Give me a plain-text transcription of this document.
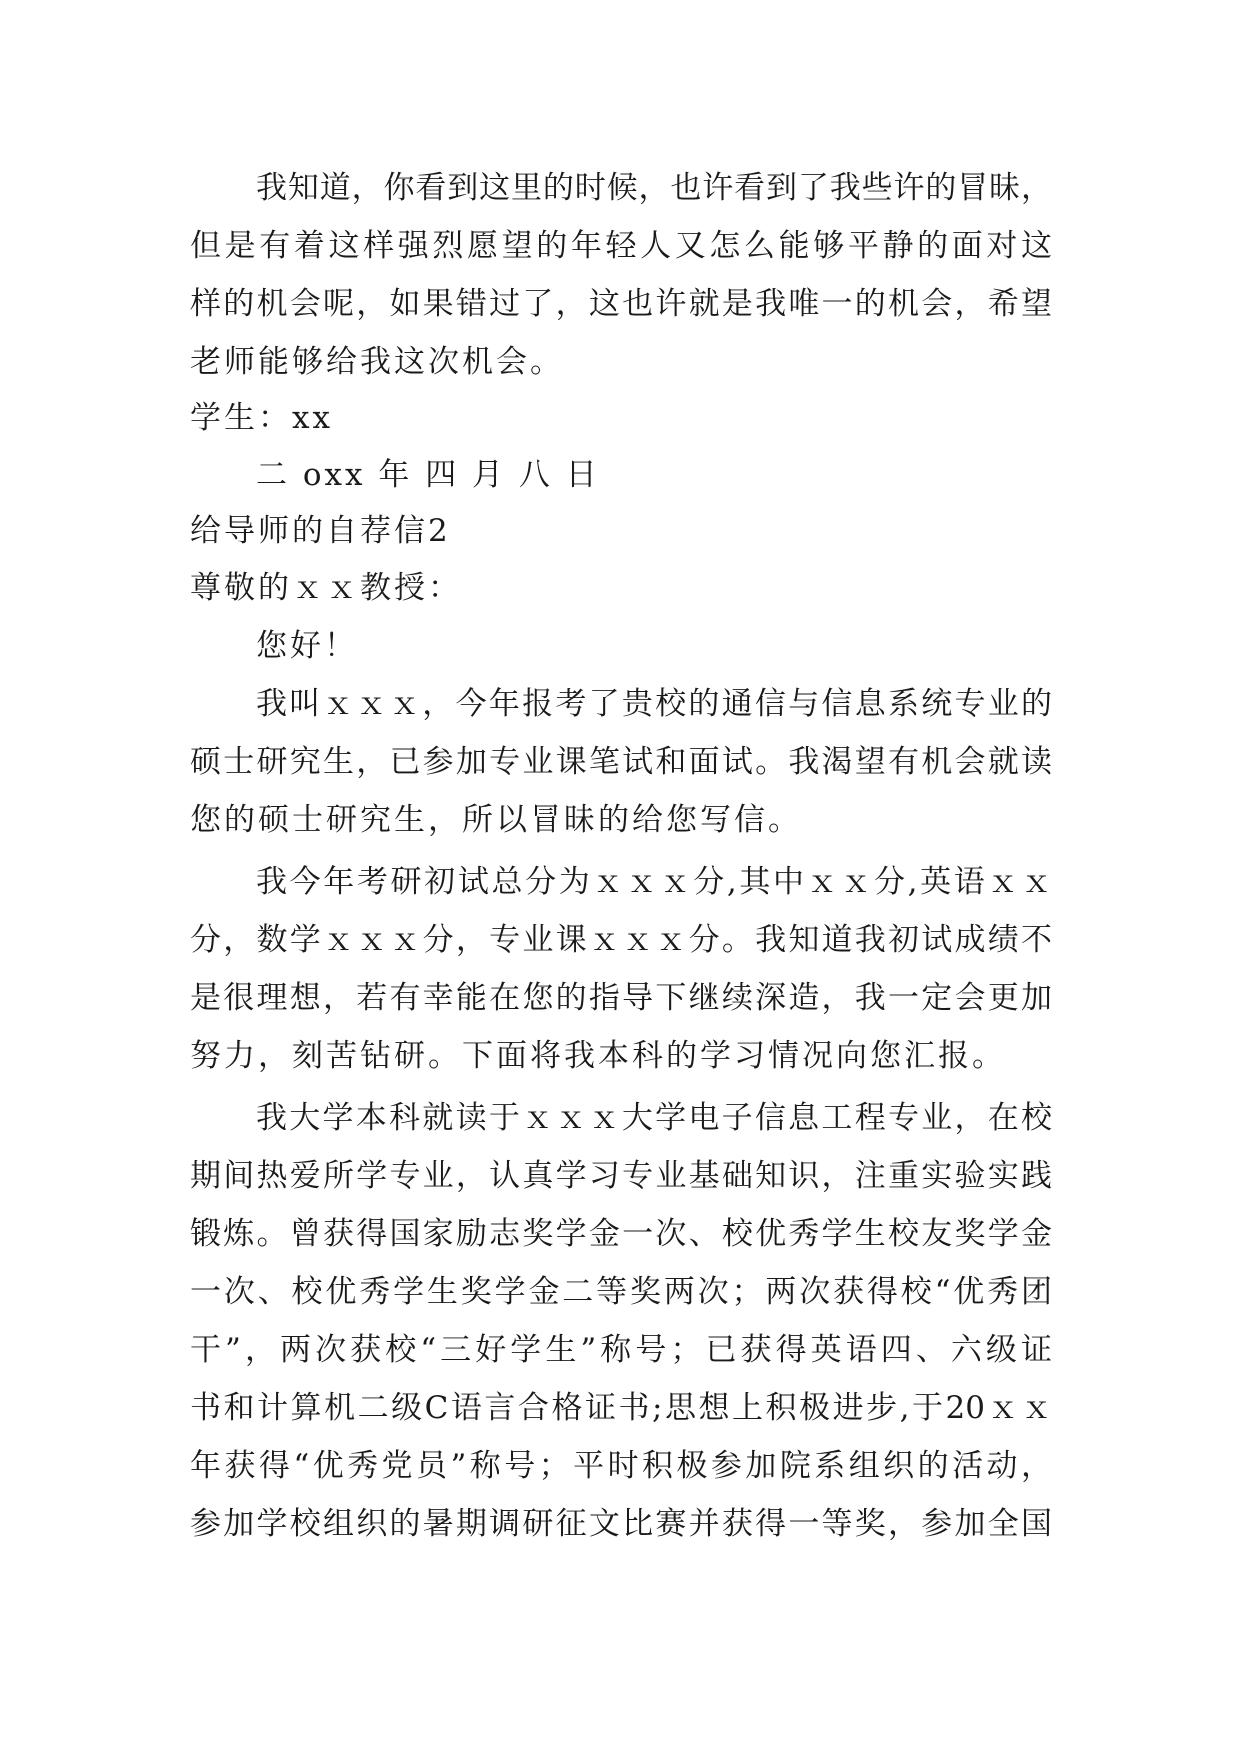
我知道，你看到这里的时候，也许看到了我些许的冒昧，
但是有着这样强烈愿望的年轻人又怎么能够平静的面对这
样的机会呢，如果错过了，这也许就是我唯一的机会，希望
老师能够给我这次机会。
学生：xx
二 oxx 年 四 月 八 日
给导师的自荐信2
尊敬的ｘｘ教授：
您好！
我叫ｘｘｘ，今年报考了贵校的通信与信息系统专业的
硕士研究生，已参加专业课笔试和面试。我渴望有机会就读
您的硕士研究生，所以冒昧的给您写信。
我今年考研初试总分为ｘｘｘ分,其中ｘｘ分,英语ｘｘ
分，数学ｘｘｘ分，专业课ｘｘｘ分。我知道我初试成绩不
是很理想，若有幸能在您的指导下继续深造，我一定会更加
努力，刻苦钻研。下面将我本科的学习情况向您汇报。
我大学本科就读于ｘｘｘ大学电子信息工程专业，在校
期间热爱所学专业，认真学习专业基础知识，注重实验实践
锻炼。曾获得国家励志奖学金一次、校优秀学生校友奖学金
一次、校优秀学生奖学金二等奖两次；两次获得校“优秀团
干”，两次获校“三好学生”称号；已获得英语四、六级证
书和计算机二级C语言合格证书;思想上积极进步,于20ｘｘ
年获得“优秀党员”称号；平时积极参加院系组织的活动，
参加学校组织的暑期调研征文比赛并获得一等奖，参加全国
